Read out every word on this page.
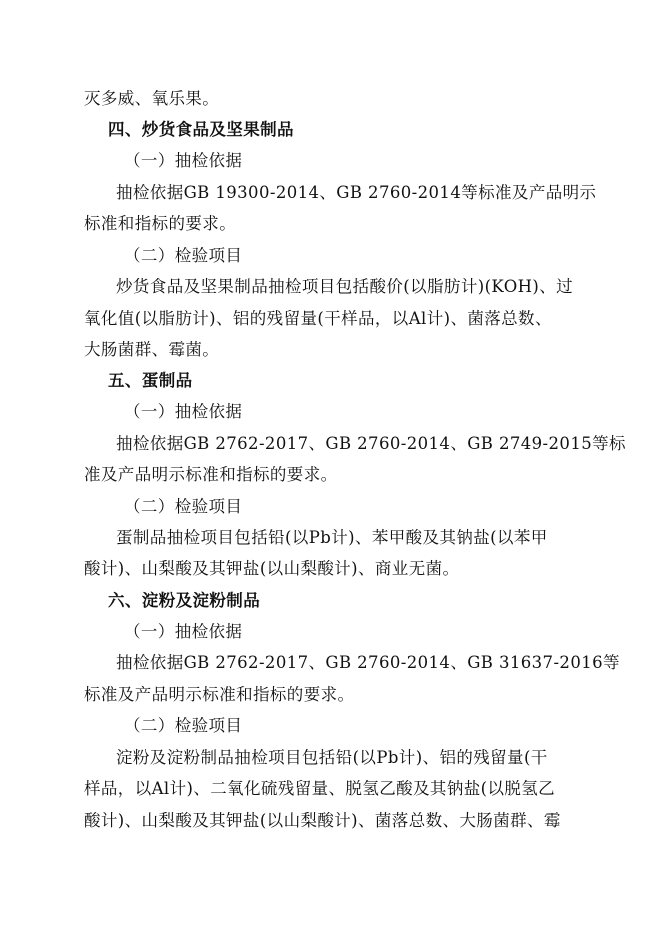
灭多威、氧乐果。
四、炒货食品及坚果制品
（一）抽检依据
抽检依据GB 19300-2014、GB 2760-2014等标准及产品明示
标准和指标的要求。
（二）检验项目
炒货食品及坚果制品抽检项目包括酸价(以脂肪计)(KOH)、过
氧化值(以脂肪计)、铝的残留量(干样品，以Al计)、菌落总数、
大肠菌群、霉菌。
五、蛋制品
（一）抽检依据
抽检依据GB 2762-2017、GB 2760-2014、GB 2749-2015等标
准及产品明示标准和指标的要求。
（二）检验项目
蛋制品抽检项目包括铅(以Pb计)、苯甲酸及其钠盐(以苯甲
酸计)、山梨酸及其钾盐(以山梨酸计)、商业无菌。
六、淀粉及淀粉制品
（一）抽检依据
抽检依据GB 2762-2017、GB 2760-2014、GB 31637-2016等
标准及产品明示标准和指标的要求。
（二）检验项目
淀粉及淀粉制品抽检项目包括铅(以Pb计)、铝的残留量(干
样品，以Al计)、二氧化硫残留量、脱氢乙酸及其钠盐(以脱氢乙
酸计)、山梨酸及其钾盐(以山梨酸计)、菌落总数、大肠菌群、霉
